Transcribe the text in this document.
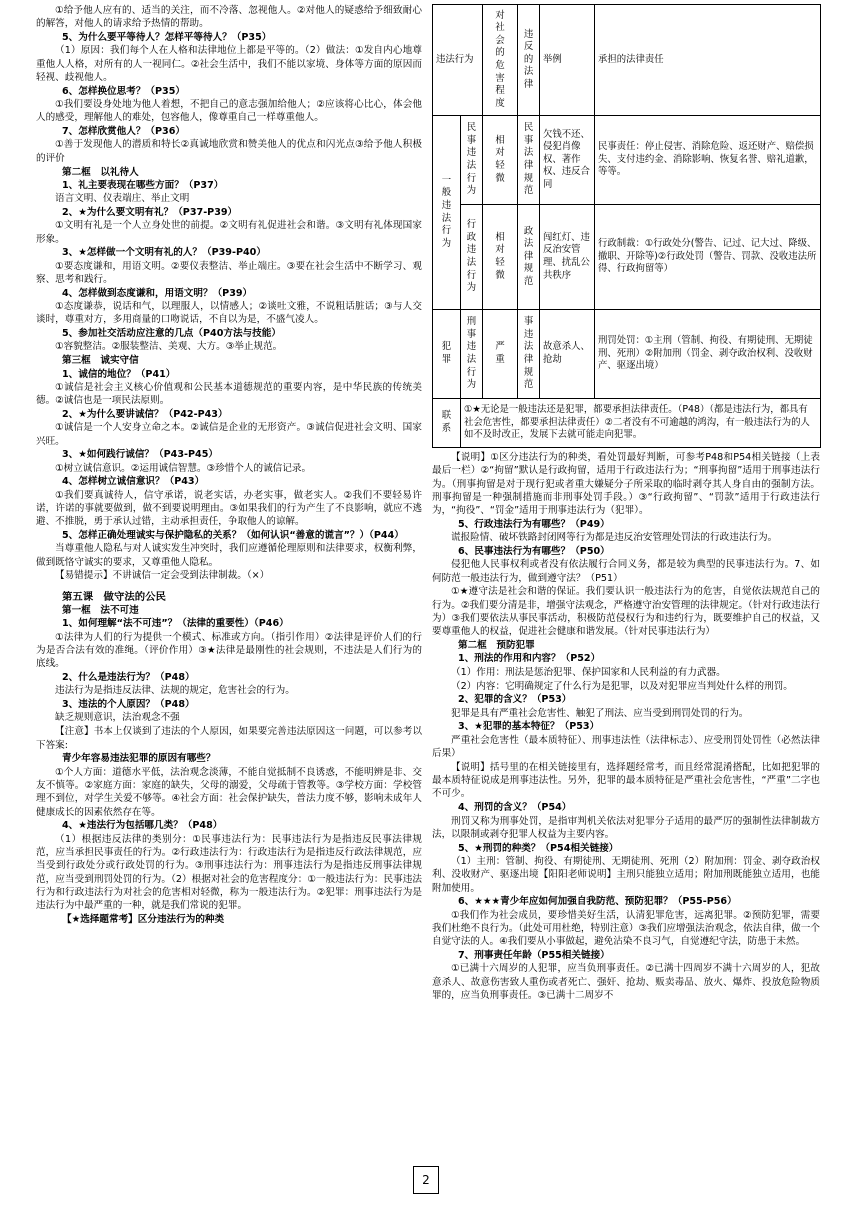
①给予他人应有的、适当的关注，而不冷落、忽视他人。②对他人的疑惑给予细致耐心的解答，对他人的请求给予热情的帮助。

5、为什么要平等待人？怎样平等待人？（P35）

（1）原因：我们每个人在人格和法律地位上都是平等的。（2）做法：①发自内心地尊重他人人格，对所有的人一视同仁。②社会生活中，我们不能以家境、身体等方面的原因而轻视、歧视他人。

6、怎样换位思考？（P35）

①我们要设身处地为他人着想，不把自己的意志强加给他人；②应该将心比心，体会他人的感受，理解他人的难处，包容他人，像尊重自己一样尊重他人。

7、怎样欣赏他人？（P36）

①善于发现他人的潜质和特长②真诚地欣赏和赞美他人的优点和闪光点③给予他人积极的评价

第二框　以礼待人

1、礼主要表现在哪些方面？（P37）

语言文明、仪表端庄、举止文明

2、★为什么要文明有礼？（P37-P39）

①文明有礼是一个人立身处世的前提。②文明有礼促进社会和谐。③文明有礼体现国家形象。

3、★怎样做一个文明有礼的人？（P39-P40）

①要态度谦和，用语文明。②要仪表整洁、举止端庄。③要在社会生活中不断学习、观察、思考和践行。

4、怎样做到态度谦和，用语文明？（P39）

①态度谦恭，说话和气，以理服人，以情感人；②谈吐文雅，不说粗话脏话；③与人交谈时，尊重对方，多用商量的口吻说话，不自以为是，不盛气凌人。

5、参加社交活动应注意的几点（P40方法与技能）

①容貌整洁。②服装整洁、美观、大方。③举止规范。

第三框　诚实守信

1、诚信的地位？（P41）

①诚信是社会主义核心价值观和公民基本道德规范的重要内容，是中华民族的传统美德。②诚信也是一项民法原则。

2、★为什么要讲诚信？（P42-P43）

①诚信是一个人安身立命之本。②诚信是企业的无形资产。③诚信促进社会文明、国家兴旺。

3、★如何践行诚信？（P43-P45）

①树立诚信意识。②运用诚信智慧。③珍惜个人的诚信记录。

4、怎样树立诚信意识？（P43）

①我们要真诚待人，信守承诺，说老实话，办老实事，做老实人。②我们不要轻易许诺，许诺的事就要做到，做不到要说明理由。③如果我们的行为产生了不良影响，就应不逃避、不推脱，勇于承认过错，主动承担责任，争取他人的谅解。

5、怎样正确处理诚实与保护隐私的关系？（如何认识“善意的谎言”？）（P44）

当尊重他人隐私与对人诚实发生冲突时，我们应遵循伦理原则和法律要求，权衡利弊，做到既恪守诚实的要求，又尊重他人隐私。

【易错提示】不讲诚信一定会受到法律制裁。（×）

第五课　做守法的公民

第一框　法不可违

1、如何理解“法不可违”？（法律的重要性）（P46）

①法律为人们的行为提供一个模式、标准或方向。（指引作用）②法律是评价人们的行为是否合法有效的准绳。（评价作用）③★法律是最刚性的社会规则，不违法是人们行为的底线。

2、什么是违法行为？（P48）

违法行为是指违反法律、法规的规定，危害社会的行为。

3、违法的个人原因？（P48）

缺乏规则意识，法治观念不强

【注意】书本上仅谈到了违法的个人原因，如果要完善违法原因这一问题，可以参考以下答案:

青少年容易违法犯罪的原因有哪些？

①个人方面：道德水平低，法治观念淡薄，不能自觉抵制不良诱惑，不能明辨是非、交友不慎等。②家庭方面：家庭的缺失，父母的溺爱，父母疏于管教等。③学校方面：学校管理不到位，对学生关爱不够等。④社会方面：社会保护缺失，普法力度不够，影响未成年人健康成长的因素依然存在等。

4、★违法行为包括哪几类？（P48）

（1）根据违反法律的类别分：①民事违法行为：民事违法行为是指违反民事法律规范，应当承担民事责任的行为。②行政违法行为：行政违法行为是指违反行政法律规范，应当受到行政处分或行政处罚的行为。③刑事违法行为：刑事违法行为是指违反刑事法律规范，应当受到刑罚处罚的行为。（2）根据对社会的危害程度分：①一般违法行为：民事违法行为和行政违法行为对社会的危害相对轻微，称为一般违法行为。②犯罪：刑事违法行为是违法行为中最严重的一种，就是我们常说的犯罪。

【★选择题常考】区分违法行为的种类

违法行为		对社会的危害程度	违反的法律	举例	承担的法律责任

一般违法行为	民事违法行为	相对轻微	民事法律规范	欠钱不还、侵犯肖像权、著作权、违反合同	民事责任：停止侵害、消除危险、返还财产、赔偿损失、支付违约金、消除影响、恢复名誉、赔礼道歉，等等。

	行政违法行为	相对轻微	政法律规范	闯红灯、违反治安管理、扰乱公共秩序	行政制裁：①行政处分(警告、记过、记大过、降级、撤职、开除等)②行政处罚（警告、罚款、没收违法所得、行政拘留等）

犯罪	刑事违法行为	严重	事违法律规范	故意杀人、抢劫	刑罚处罚：①主刑（管制、拘役、有期徒刑、无期徒刑、死刑）②附加刑（罚金、剥夺政治权利、没收财产、驱逐出境）

联系	①★无论是一般违法还是犯罪，都要承担法律责任。（P48）（都是违法行为，都具有社会危害性，都要承担法律责任）②二者没有不可逾越的鸿沟，有一般违法行为的人如不及时改正，发展下去就可能走向犯罪。				

【说明】①区分违法行为的种类，看处罚最好判断，可参考P48和P54相关链接（上表最后一栏）②“拘留”默认是行政拘留，适用于行政违法行为；“刑事拘留”适用于刑事违法行为。（刑事拘留是对于现行犯或者重大嫌疑分子所采取的临时剥夺其人身自由的强制方法。刑事拘留是一种强制措施而非刑事处罚手段。）③“行政拘留”、“罚款”适用于行政违法行为，“拘役”、“罚金”适用于刑事违法行为（犯罪）。

5、行政违法行为有哪些？（P49）

谎报险情、破坏铁路封闭网等行为都是违反治安管理处罚法的行政违法行为。

6、民事违法行为有哪些？（P50）

侵犯他人民事权利或者没有依法履行合同义务，都是较为典型的民事违法行为。7、如何防范一般违法行为，做到遵守法？（P51）

①★遵守法是社会和谐的保证。我们要认识一般违法行为的危害，自觉依法规范自己的行为。②我们要分清是非，增强守法观念，严格遵守治安管理的法律规定。（针对行政违法行为）③我们要依法从事民事活动，积极防范侵权行为和违约行为，既要维护自己的权益，又要尊重他人的权益，促进社会健康和谐发展。（针对民事违法行为）

第二框　预防犯罪

1、刑法的作用和内容？（P52）

（1）作用：刑法是惩治犯罪、保护国家和人民利益的有力武器。

（2）内容：它明确规定了什么行为是犯罪，以及对犯罪应当判处什么样的刑罚。

2、犯罪的含义？（P53）

犯罪是具有严重社会危害性、触犯了刑法、应当受到刑罚处罚的行为。

3、★犯罪的基本特征？（P53）

严重社会危害性（最本质特征）、刑事违法性（法律标志）、应受刑罚处罚性（必然法律后果）

【说明】括号里的在相关链接里有，选择题经常考，而且经常混淆搭配，比如把犯罪的最本质特征说成是刑事违法性。另外，犯罪的最本质特征是严重社会危害性，“严重”二字也不可少。

4、刑罚的含义？（P54）

刑罚又称为刑事处罚，是指审判机关依法对犯罪分子适用的最严厉的强制性法律制裁方法，以限制或剥夺犯罪人权益为主要内容。

5、★刑罚的种类？（P54相关链接）

（1）主刑：管制、拘役、有期徒刑、无期徒刑、死刑（2）附加刑：罚金、剥夺政治权利、没收财产、驱逐出境【阳阳老师说明】主刑只能独立适用；附加刑既能独立适用，也能附加使用。

6、★★★青少年应如何加强自我防范、预防犯罪？（P55-P56）

①我们作为社会成员，要珍惜美好生活，认清犯罪危害，远离犯罪。②预防犯罪，需要我们杜绝不良行为。（此处可用杜绝，特别注意）③我们应增强法治观念，依法自律，做一个自觉守法的人。④我们要从小事做起，避免沾染不良习气，自觉遵纪守法，防患于未然。

7、刑事责任年龄（P55相关链接）

①已满十六周岁的人犯罪，应当负刑事责任。②已满十四周岁不满十六周岁的人，犯故意杀人、故意伤害致人重伤或者死亡、强奸、抢劫、贩卖毒品、放火、爆炸、投放危险物质罪的，应当负刑事责任。③已满十二周岁不

2
